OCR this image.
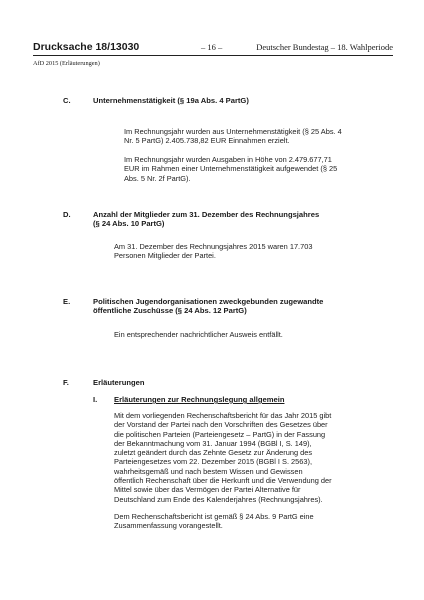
Drucksache 18/13030	– 16 –	Deutscher Bundestag – 18. Wahlperiode
AfD 2015 (Erläuterungen)
C.	Unternehmenstätigkeit (§ 19a Abs. 4 PartG)
Im Rechnungsjahr wurden aus Unternehmenstätigkeit (§ 25 Abs. 4
Nr. 5 PartG) 2.405.738,82 EUR Einnahmen erzielt.
Im Rechnungsjahr wurden Ausgaben in Höhe von 2.479.677,71
EUR im Rahmen einer Unternehmenstätigkeit aufgewendet (§ 25
Abs. 5 Nr. 2f PartG).
D.	Anzahl der Mitglieder zum 31. Dezember des Rechnungsjahres
(§ 24 Abs. 10 PartG)
Am 31. Dezember des Rechnungsjahres 2015 waren 17.703
Personen Mitglieder der Partei.
E.	Politischen Jugendorganisationen zweckgebunden zugewandte
öffentliche Zuschüsse (§ 24 Abs. 12 PartG)
Ein entsprechender nachrichtlicher Ausweis entfällt.
F.	Erläuterungen
I. Erläuterungen zur Rechnungslegung allgemein
Mit dem vorliegenden Rechenschaftsbericht für das Jahr 2015 gibt
der Vorstand der Partei nach den Vorschriften des Gesetzes über
die politischen Parteien (Parteiengesetz – PartG) in der Fassung
der Bekanntmachung vom 31. Januar 1994 (BGBl I, S. 149),
zuletzt geändert durch das Zehnte Gesetz zur Änderung des
Parteiengesetzes vom 22. Dezember 2015 (BGBl I S. 2563),
wahrheitsgemäß und nach bestem Wissen und Gewissen
öffentlich Rechenschaft über die Herkunft und die Verwendung der
Mittel sowie über das Vermögen der Partei Alternative für
Deutschland zum Ende des Kalenderjahres (Rechnungsjahres).
Dem Rechenschaftsbericht ist gemäß § 24 Abs. 9 PartG eine
Zusammenfassung vorangestellt.
